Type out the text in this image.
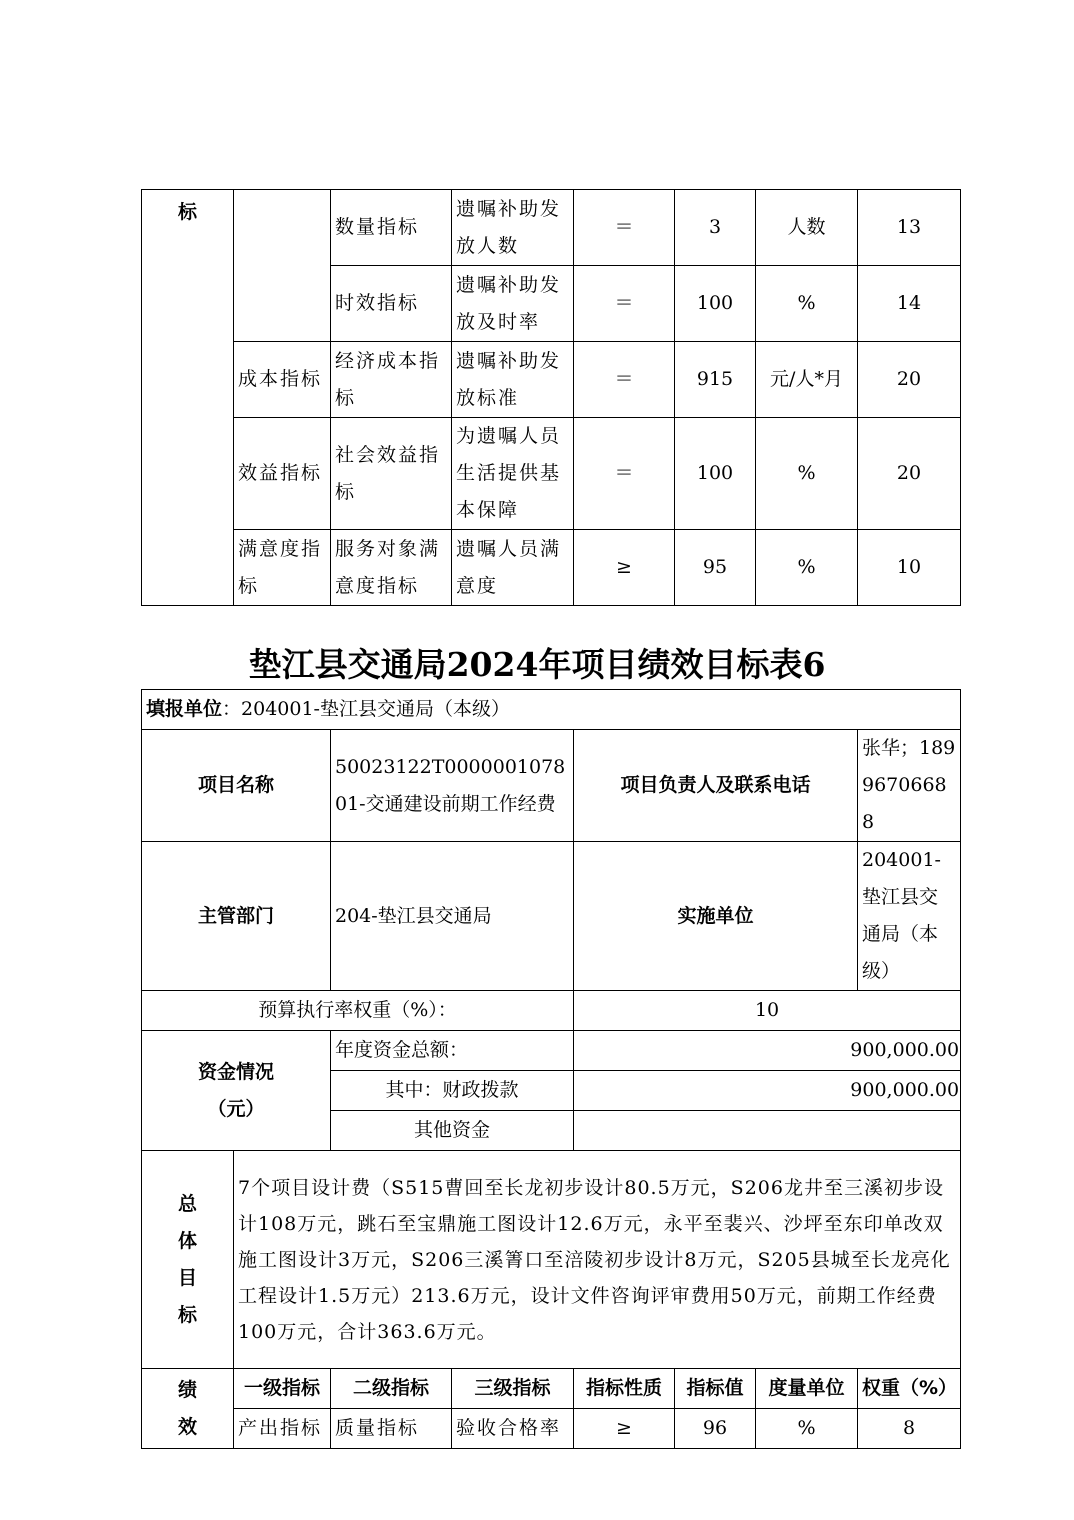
标		数量指标	遗嘱补助发放人数	＝	3	人数	13
		时效指标	遗嘱补助发放及时率	＝	100	%	14
	成本指标	经济成本指标	遗嘱补助发放标准	＝	915	元/人*月	20
	效益指标	社会效益指标	为遗嘱人员生活提供基本保障	＝	100	%	20
	满意度指标	服务对象满意度指标	遗嘱人员满意度	≥	95	%	10
垫江县交通局2024年项目绩效目标表6
填报单位：204001-垫江县交通局（本级）							
项目名称		50023122T000000107801-交通建设前期工作经费		项目负责人及联系电话			张华；18996706688
主管部门		204-垫江县交通局		实施单位			204001-垫江县交通局（本级）
预算执行率权重（%）：				10			

资金情况
（元）		年度资金总额：		900,000.00			
		其中：财政拨款		900,000.00			
		其他资金					

总
体
目
标	7个项目设计费（S515曹回至长龙初步设计80.5万元，S206龙井至三溪初步设计108万元，跳石至宝鼎施工图设计12.6万元，永平至裴兴、沙坪至东印单改双施工图设计3万元，S206三溪箐口至涪陵初步设计8万元，S205县城至长龙亮化工程设计1.5万元）213.6万元，设计文件咨询评审费用50万元，前期工作经费100万元，合计363.6万元。						

绩
效	一级指标	二级指标	三级指标	指标性质	指标值	度量单位	权重（%）
	产出指标	质量指标	验收合格率	≥	96	%	8
